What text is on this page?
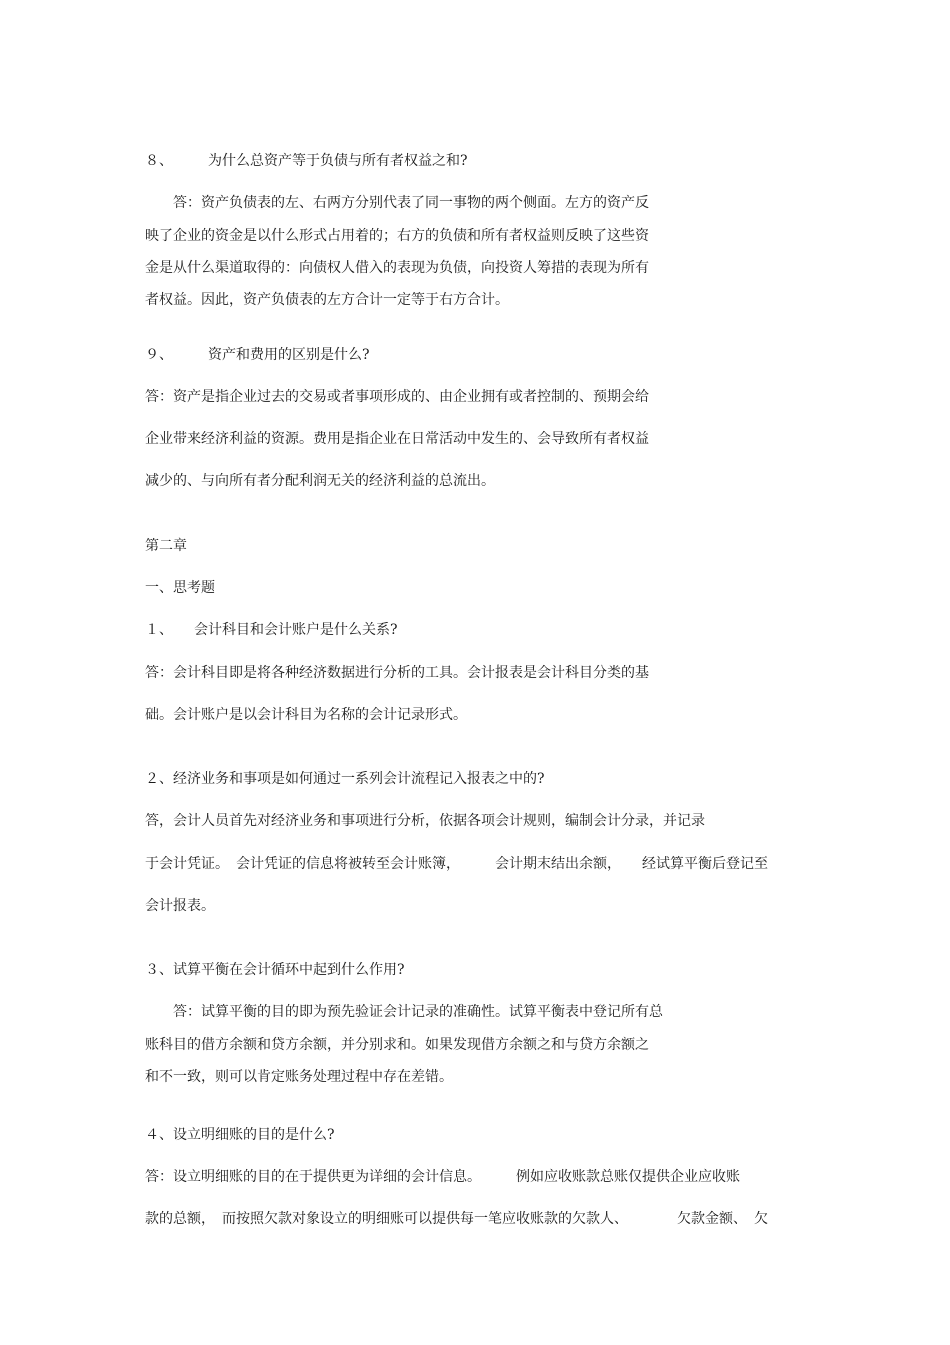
８、　　　为什么总资产等于负债与所有者权益之和?
　　答：资产负债表的左、右两方分别代表了同一事物的两个侧面。左方的资产反
映了企业的资金是以什么形式占用着的；右方的负债和所有者权益则反映了这些资
金是从什么渠道取得的：向债权人借入的表现为负债，向投资人筹措的表现为所有
者权益。因此，资产负债表的左方合计一定等于右方合计。
９、　　　资产和费用的区别是什么?
答：资产是指企业过去的交易或者事项形成的、由企业拥有或者控制的、预期会给
企业带来经济利益的资源。费用是指企业在日常活动中发生的、会导致所有者权益
减少的、与向所有者分配利润无关的经济利益的总流出。
第二章
一、思考题
１、　　会计科目和会计账户是什么关系?
答：会计科目即是将各种经济数据进行分析的工具。会计报表是会计科目分类的基
础。会计账户是以会计科目为名称的会计记录形式。
２、经济业务和事项是如何通过一系列会计流程记入报表之中的?
答，会计人员首先对经济业务和事项进行分析，依据各项会计规则，编制会计分录，并记录
于会计凭证。　会计凭证的信息将被转至会计账簿，　　　会计期末结出余额，　　经试算平衡后登记至
会计报表。
３、试算平衡在会计循环中起到什么作用?
　　答：试算平衡的目的即为预先验证会计记录的准确性。试算平衡表中登记所有总
账科目的借方余额和贷方余额，并分别求和。如果发现借方余额之和与贷方余额之
和不一致，则可以肯定账务处理过程中存在差错。
４、设立明细账的目的是什么?
答：设立明细账的目的在于提供更为详细的会计信息。　　　例如应收账款总账仅提供企业应收账
款的总额，　而按照欠款对象设立的明细账可以提供每一笔应收账款的欠款人、　　　　欠款金额、　欠
